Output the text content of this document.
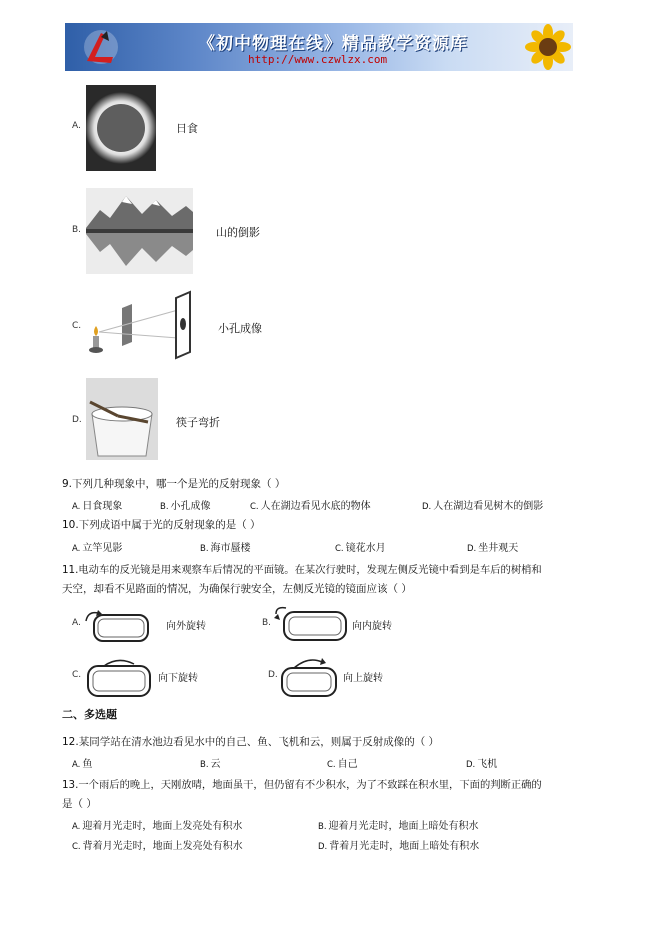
《初中物理在线》精品教学资源库
http://www.czwlzx.com
A.	日食
B.	山的倒影
C.	小孔成像
D.	筷子弯折
9.下列几种现象中，哪一个是光的反射现象（ ）
A. 日食现象	B. 小孔成像	C. 人在湖边看见水底的物体	D. 人在湖边看见树木的倒影
10.下列成语中属于光的反射现象的是（ ）
A. 立竿见影	B. 海市蜃楼	C. 镜花水月	D. 坐井观天
11.电动车的反光镜是用来观察车后情况的平面镜。在某次行驶时，发现左侧反光镜中看到是车后的树梢和
天空，却看不见路面的情况，为确保行驶安全，左侧反光镜的镜面应该（ ）
A.	向外旋转	B.	向内旋转
C.	向下旋转	D.	向上旋转
二、多选题
12.某同学站在清水池边看见水中的自己、鱼、飞机和云，则属于反射成像的（ ）
A. 鱼	B. 云	C. 自己	D. 飞机
13.一个雨后的晚上，天刚放晴，地面虽干，但仍留有不少积水，为了不致踩在积水里，下面的判断正确的
是（ ）
A. 迎着月光走时，地面上发亮处有积水	B. 迎着月光走时，地面上暗处有积水
C. 背着月光走时，地面上发亮处有积水	D. 背着月光走时，地面上暗处有积水
